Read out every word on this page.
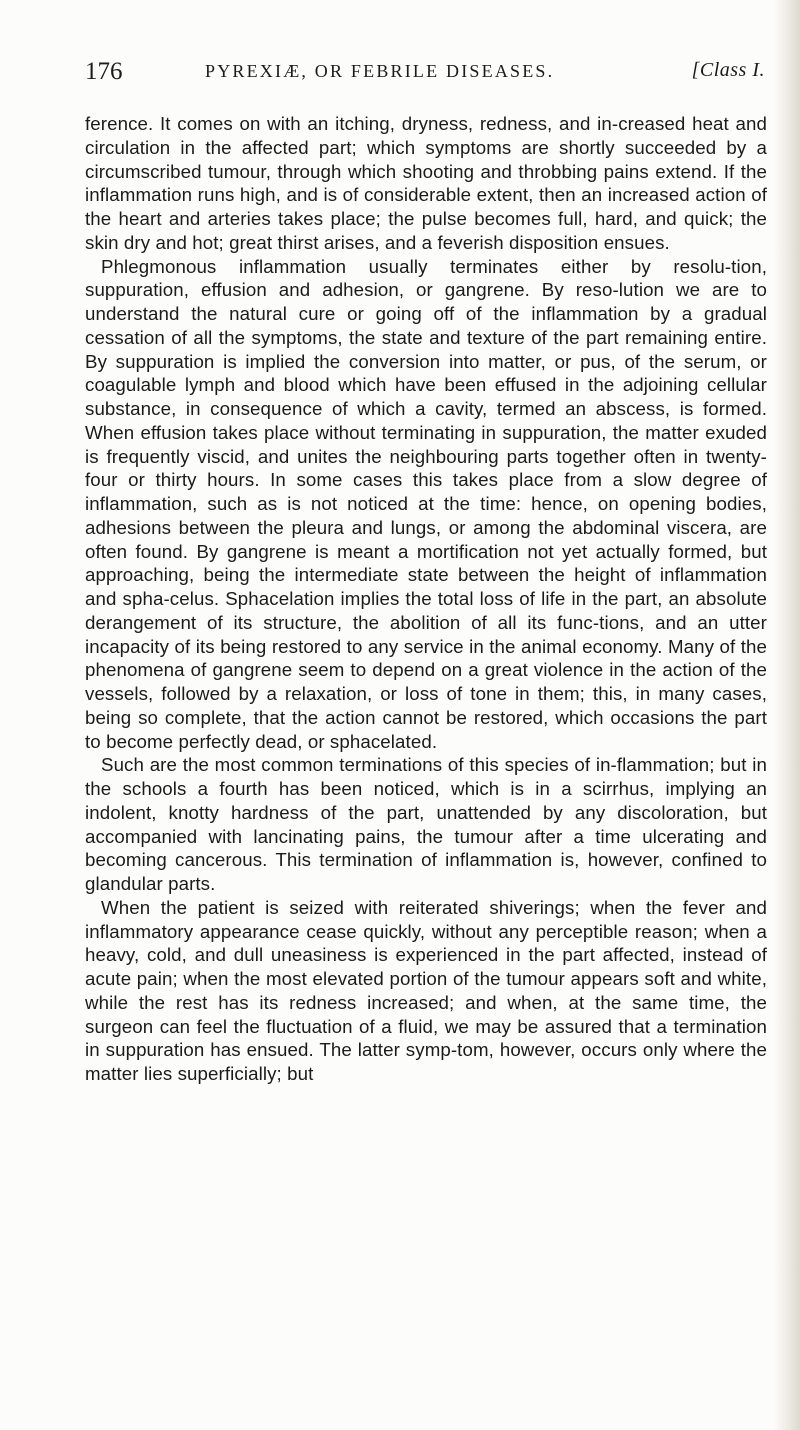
176	PYREXIÆ, OR FEBRILE DISEASES.	[Class I.

ference. It comes on with an itching, dryness, redness, and in-creased heat and circulation in the affected part; which symptoms are shortly succeeded by a circumscribed tumour, through which shooting and throbbing pains extend. If the inflammation runs high, and is of considerable extent, then an increased action of the heart and arteries takes place; the pulse becomes full, hard, and quick; the skin dry and hot; great thirst arises, and a feverish disposition ensues.

Phlegmonous inflammation usually terminates either by resolu-tion, suppuration, effusion and adhesion, or gangrene. By reso-lution we are to understand the natural cure or going off of the inflammation by a gradual cessation of all the symptoms, the state and texture of the part remaining entire. By suppuration is implied the conversion into matter, or pus, of the serum, or coagulable lymph and blood which have been effused in the adjoining cellular substance, in consequence of which a cavity, termed an abscess, is formed. When effusion takes place without terminating in suppuration, the matter exuded is frequently viscid, and unites the neighbouring parts together often in twenty-four or thirty hours. In some cases this takes place from a slow degree of inflammation, such as is not noticed at the time: hence, on opening bodies, adhesions between the pleura and lungs, or among the abdominal viscera, are often found. By gangrene is meant a mortification not yet actually formed, but approaching, being the intermediate state between the height of inflammation and spha-celus. Sphacelation implies the total loss of life in the part, an absolute derangement of its structure, the abolition of all its func-tions, and an utter incapacity of its being restored to any service in the animal economy. Many of the phenomena of gangrene seem to depend on a great violence in the action of the vessels, followed by a relaxation, or loss of tone in them; this, in many cases, being so complete, that the action cannot be restored, which occasions the part to become perfectly dead, or sphacelated.

Such are the most common terminations of this species of in-flammation; but in the schools a fourth has been noticed, which is in a scirrhus, implying an indolent, knotty hardness of the part, unattended by any discoloration, but accompanied with lancinating pains, the tumour after a time ulcerating and becoming cancerous. This termination of inflammation is, however, confined to glandular parts.

When the patient is seized with reiterated shiverings; when the fever and inflammatory appearance cease quickly, without any perceptible reason; when a heavy, cold, and dull uneasiness is experienced in the part affected, instead of acute pain; when the most elevated portion of the tumour appears soft and white, while the rest has its redness increased; and when, at the same time, the surgeon can feel the fluctuation of a fluid, we may be assured that a termination in suppuration has ensued. The latter symp-tom, however, occurs only where the matter lies superficially; but
